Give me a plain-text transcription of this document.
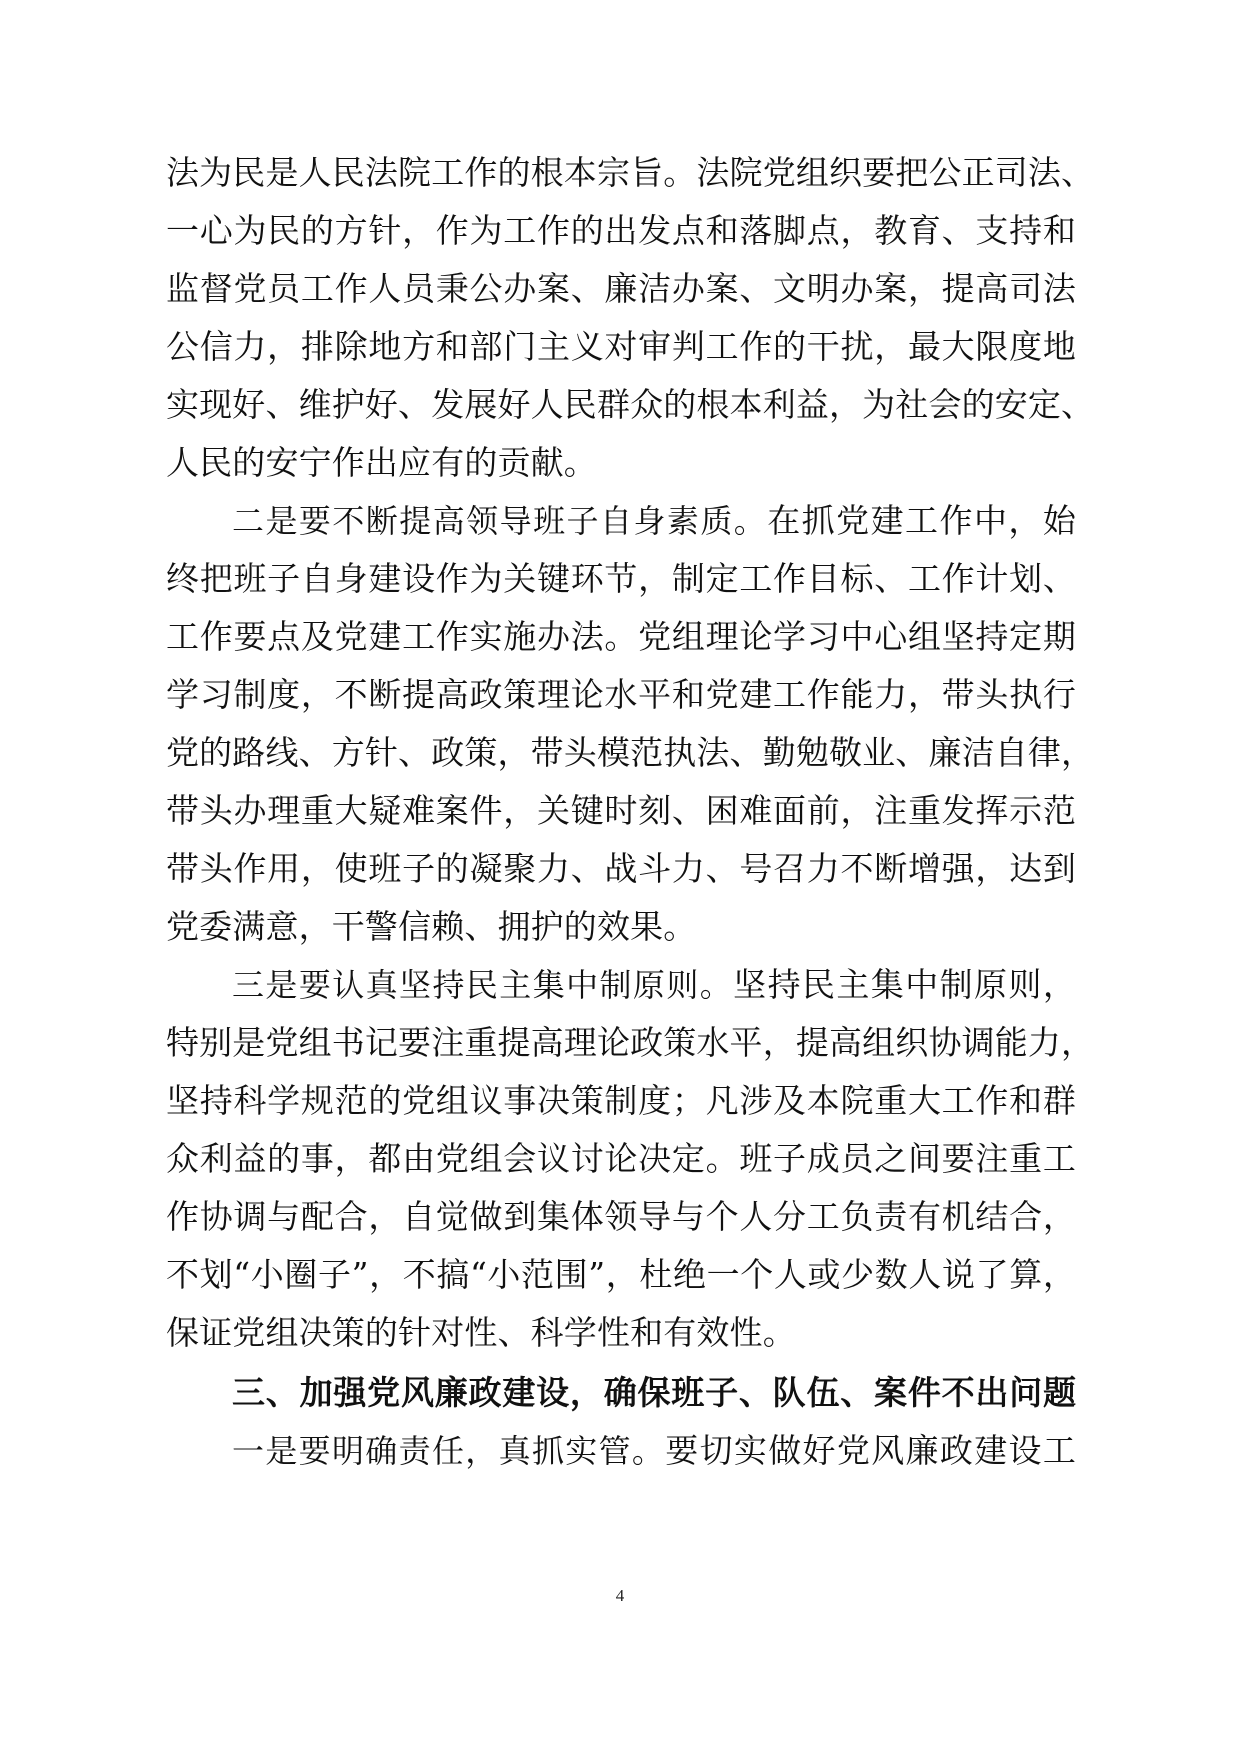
法为民是人民法院工作的根本宗旨。法院党组织要把公正司法、
一心为民的方针，作为工作的出发点和落脚点，教育、支持和
监督党员工作人员秉公办案、廉洁办案、文明办案，提高司法
公信力，排除地方和部门主义对审判工作的干扰，最大限度地
实现好、维护好、发展好人民群众的根本利益，为社会的安定、
人民的安宁作出应有的贡献。
二是要不断提高领导班子自身素质。在抓党建工作中，始
终把班子自身建设作为关键环节，制定工作目标、工作计划、
工作要点及党建工作实施办法。党组理论学习中心组坚持定期
学习制度，不断提高政策理论水平和党建工作能力，带头执行
党的路线、方针、政策，带头模范执法、勤勉敬业、廉洁自律，
带头办理重大疑难案件，关键时刻、困难面前，注重发挥示范
带头作用，使班子的凝聚力、战斗力、号召力不断增强，达到
党委满意，干警信赖、拥护的效果。
三是要认真坚持民主集中制原则。坚持民主集中制原则，
特别是党组书记要注重提高理论政策水平，提高组织协调能力，
坚持科学规范的党组议事决策制度；凡涉及本院重大工作和群
众利益的事，都由党组会议讨论决定。班子成员之间要注重工
作协调与配合，自觉做到集体领导与个人分工负责有机结合，
不划“小圈子”，不搞“小范围”，杜绝一个人或少数人说了算，
保证党组决策的针对性、科学性和有效性。
三、加强党风廉政建设，确保班子、队伍、案件不出问题
一是要明确责任，真抓实管。要切实做好党风廉政建设工
4
